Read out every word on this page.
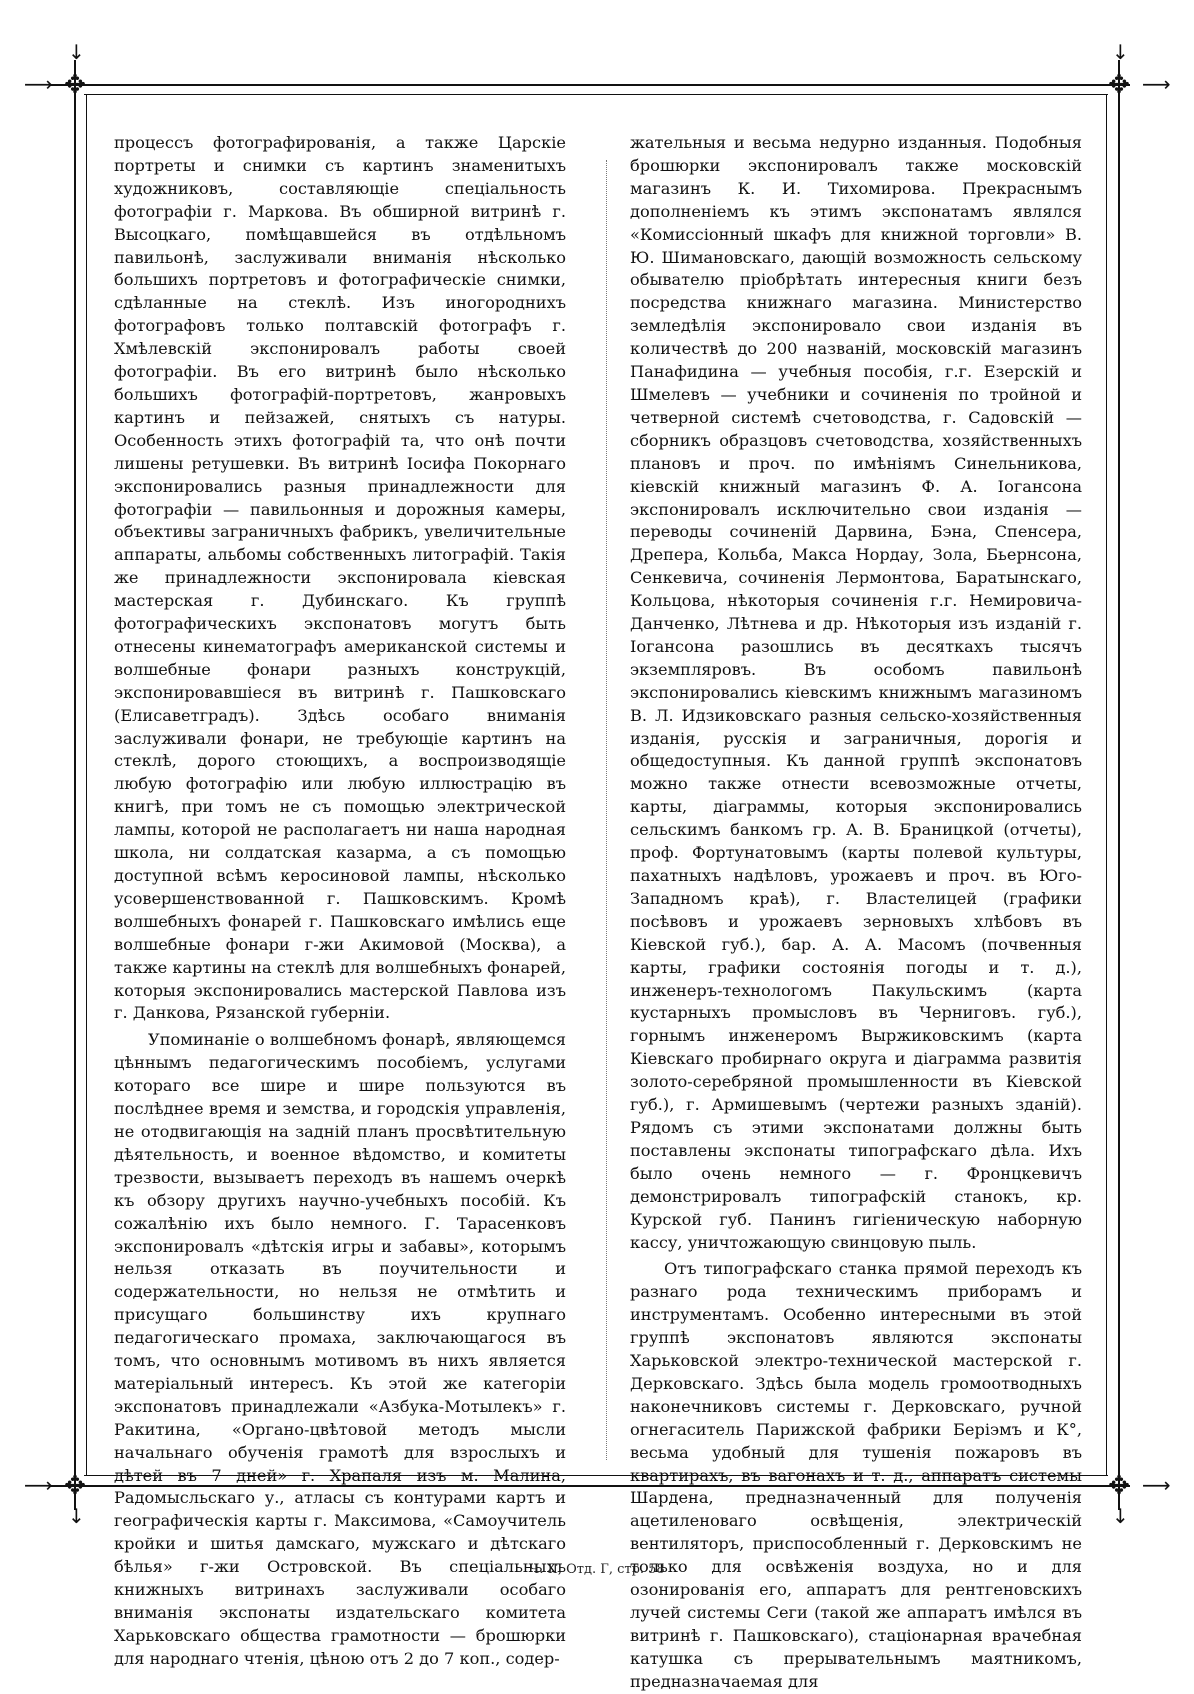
✥	✥
✥	✥
⟶	⟶
⟶	⟶
↓	↓
↓	↓

процессъ фотографированія, а также Царскіе портреты и снимки съ картинъ знаменитыхъ художниковъ, составляющіе спеціальность фотографіи г. Маркова. Въ обширной витринѣ г. Высоцкаго, помѣщавшейся въ отдѣльномъ павильонѣ, заслуживали вниманія нѣсколько большихъ портретовъ и фотографическіе снимки, сдѣланные на стеклѣ. Изъ иногороднихъ фотографовъ только полтавскій фотографъ г. Хмѣлевскій экспонировалъ работы своей фотографіи. Въ его витринѣ было нѣсколько большихъ фотографій-портретовъ, жанровыхъ картинъ и пейзажей, снятыхъ съ натуры. Особенность этихъ фотографій та, что онѣ почти лишены ретушевки. Въ витринѣ Іосифа Покорнаго экспонировались разныя принадлежности для фотографіи — павильонныя и дорожныя камеры, объективы заграничныхъ фабрикъ, увеличительные аппараты, альбомы собственныхъ литографій. Такія же принадлежности экспонировала кіевская мастерская г. Дубинскаго. Къ группѣ фотографическихъ экспонатовъ могутъ быть отнесены кинематографъ американской системы и волшебные фонари разныхъ конструкцій, экспонировавшіеся въ витринѣ г. Пашковскаго (Елисаветградъ). Здѣсь особаго вниманія заслуживали фонари, не требующіе картинъ на стеклѣ, дорого стоющихъ, а воспроизводящіе любую фотографію или любую иллюстрацію въ книгѣ, при томъ не съ помощью электрической лампы, которой не располагаетъ ни наша народная школа, ни солдатская казарма, а съ помощью доступной всѣмъ керосиновой лампы, нѣсколько усовершенствованной г. Пашковскимъ. Кромѣ волшебныхъ фонарей г. Пашковскаго имѣлись еще волшебные фонари г-жи Акимовой (Москва), а также картины на стеклѣ для волшебныхъ фонарей, которыя экспонировались мастерской Павлова изъ г. Данкова, Рязанской губерніи.

Упоминаніе о волшебномъ фонарѣ, являющемся цѣннымъ педагогическимъ пособіемъ, услугами котораго все шире и шире пользуются въ послѣднее время и земства, и городскія управленія, не отодвигающія на задній планъ просвѣтительную дѣятельность, и военное вѣдомство, и комитеты трезвости, вызываетъ переходъ въ нашемъ очеркѣ къ обзору другихъ научно-учебныхъ пособій. Къ сожалѣнію ихъ было немного. Г. Тарасенковъ экспонировалъ «дѣтскія игры и забавы», которымъ нельзя отказать въ поучительности и содержательности, но нельзя не отмѣтить и присущаго большинству ихъ крупнаго педагогическаго промаха, заключающагося въ томъ, что основнымъ мотивомъ въ нихъ является матеріальный интересъ. Къ этой же категоріи экспонатовъ принадлежали «Азбука-Мотылекъ» г. Ракитина, «Органо-цвѣтовой методъ мысли начальнаго обученія грамотѣ для взрослыхъ и дѣтей въ 7 дней» г. Храпаля изъ м. Малина, Радомысльскаго у., атласы съ контурами картъ и географическія карты г. Максимова, «Самоучитель кройки и шитья дамскаго, мужскаго и дѣтскаго бѣлья» г-жи Островской. Въ спеціальныхъ книжныхъ витринахъ заслуживали особаго вниманія экспонаты издательскаго комитета Харьковскаго общества грамотности — брошюрки для народнаго чтенія, цѣною отъ 2 до 7 коп., содер-

жательныя и весьма недурно изданныя. Подобныя брошюрки экспонировалъ также московскій магазинъ К. И. Тихомирова. Прекраснымъ дополненіемъ къ этимъ экспонатамъ являлся «Комиссіонный шкафъ для книжной торговли» В. Ю. Шимановскаго, дающій возможность сельскому обывателю пріобрѣтать интересныя книги безъ посредства книжнаго магазина. Министерство земледѣлія экспонировало свои изданія въ количествѣ до 200 названій, московскій магазинъ Панафидина — учебныя пособія, г.г. Езерскій и Шмелевъ — учебники и сочиненія по тройной и четверной системѣ счетоводства, г. Садовскій — сборникъ образцовъ счетоводства, хозяйственныхъ плановъ и проч. по имѣніямъ Синельникова, кіевскій книжный магазинъ Ф. А. Іогансона экспонировалъ исключительно свои изданія — переводы сочиненій Дарвина, Бэна, Спенсера, Дрепера, Кольба, Макса Нордау, Зола, Бьернсона, Сенкевича, сочиненія Лермонтова, Баратынскаго, Кольцова, нѣкоторыя сочиненія г.г. Немировича-Данченко, Лѣтнева и др. Нѣкоторыя изъ изданій г. Іогансона разошлись въ десяткахъ тысячъ экземпляровъ. Въ особомъ павильонѣ экспонировались кіевскимъ книжнымъ магазиномъ В. Л. Идзиковскаго разныя сельско-хозяйственныя изданія, русскія и заграничныя, дорогія и общедоступныя. Къ данной группѣ экспонатовъ можно также отнести всевозможные отчеты, карты, діаграммы, которыя экспонировались сельскимъ банкомъ гр. А. В. Браницкой (отчеты), проф. Фортунатовымъ (карты полевой культуры, пахатныхъ надѣловъ, урожаевъ и проч. въ Юго-Западномъ краѣ), г. Властелицей (графики посѣвовъ и урожаевъ зерновыхъ хлѣбовъ въ Кіевской губ.), бар. А. А. Масомъ (почвенныя карты, графики состоянія погоды и т. д.), инженеръ-технологомъ Пакульскимъ (карта кустарныхъ промысловъ въ Черниговъ. губ.), горнымъ инженеромъ Выржиковскимъ (карта Кіевскаго пробирнаго округа и діаграмма развитія золото-серебряной промышленности въ Кіевской губ.), г. Армишевымъ (чертежи разныхъ зданій). Рядомъ съ этими экспонатами должны быть поставлены экспонаты типографскаго дѣла. Ихъ было очень немного — г. Фронцкевичъ демонстрировалъ типографскій станокъ, кр. Курской губ. Панинъ гигіеническую наборную кассу, уничтожающую свинцовую пыль.

Отъ типографскаго станка прямой переходъ къ разнаго рода техническимъ приборамъ и инструментамъ. Особенно интересными въ этой группѣ экспонатовъ являются экспонаты Харьковской электро-технической мастерской г. Дерковскаго. Здѣсь была модель громоотводныхъ наконечниковъ системы г. Дерковскаго, ручной огнегаситель Парижской фабрики Беріэмъ и К°, весьма удобный для тушенія пожаровъ въ квартирахъ, въ вагонахъ и т. д., аппаратъ системы Шардена, предназначенный для полученія ацетиленоваго освѣщенія, электрическій вентиляторъ, приспособленный г. Дерковскимъ не только для освѣженія воздуха, но и для озонированія его, аппаратъ для рентгеновскихъ лучей системы Сеги (такой же аппаратъ имѣлся въ витринѣ г. Пашковскаго), стаціонарная врачебная катушка съ прерывательнымъ маятникомъ, предназначаемая для

Ч. II, Отд. Г, стр. 58
